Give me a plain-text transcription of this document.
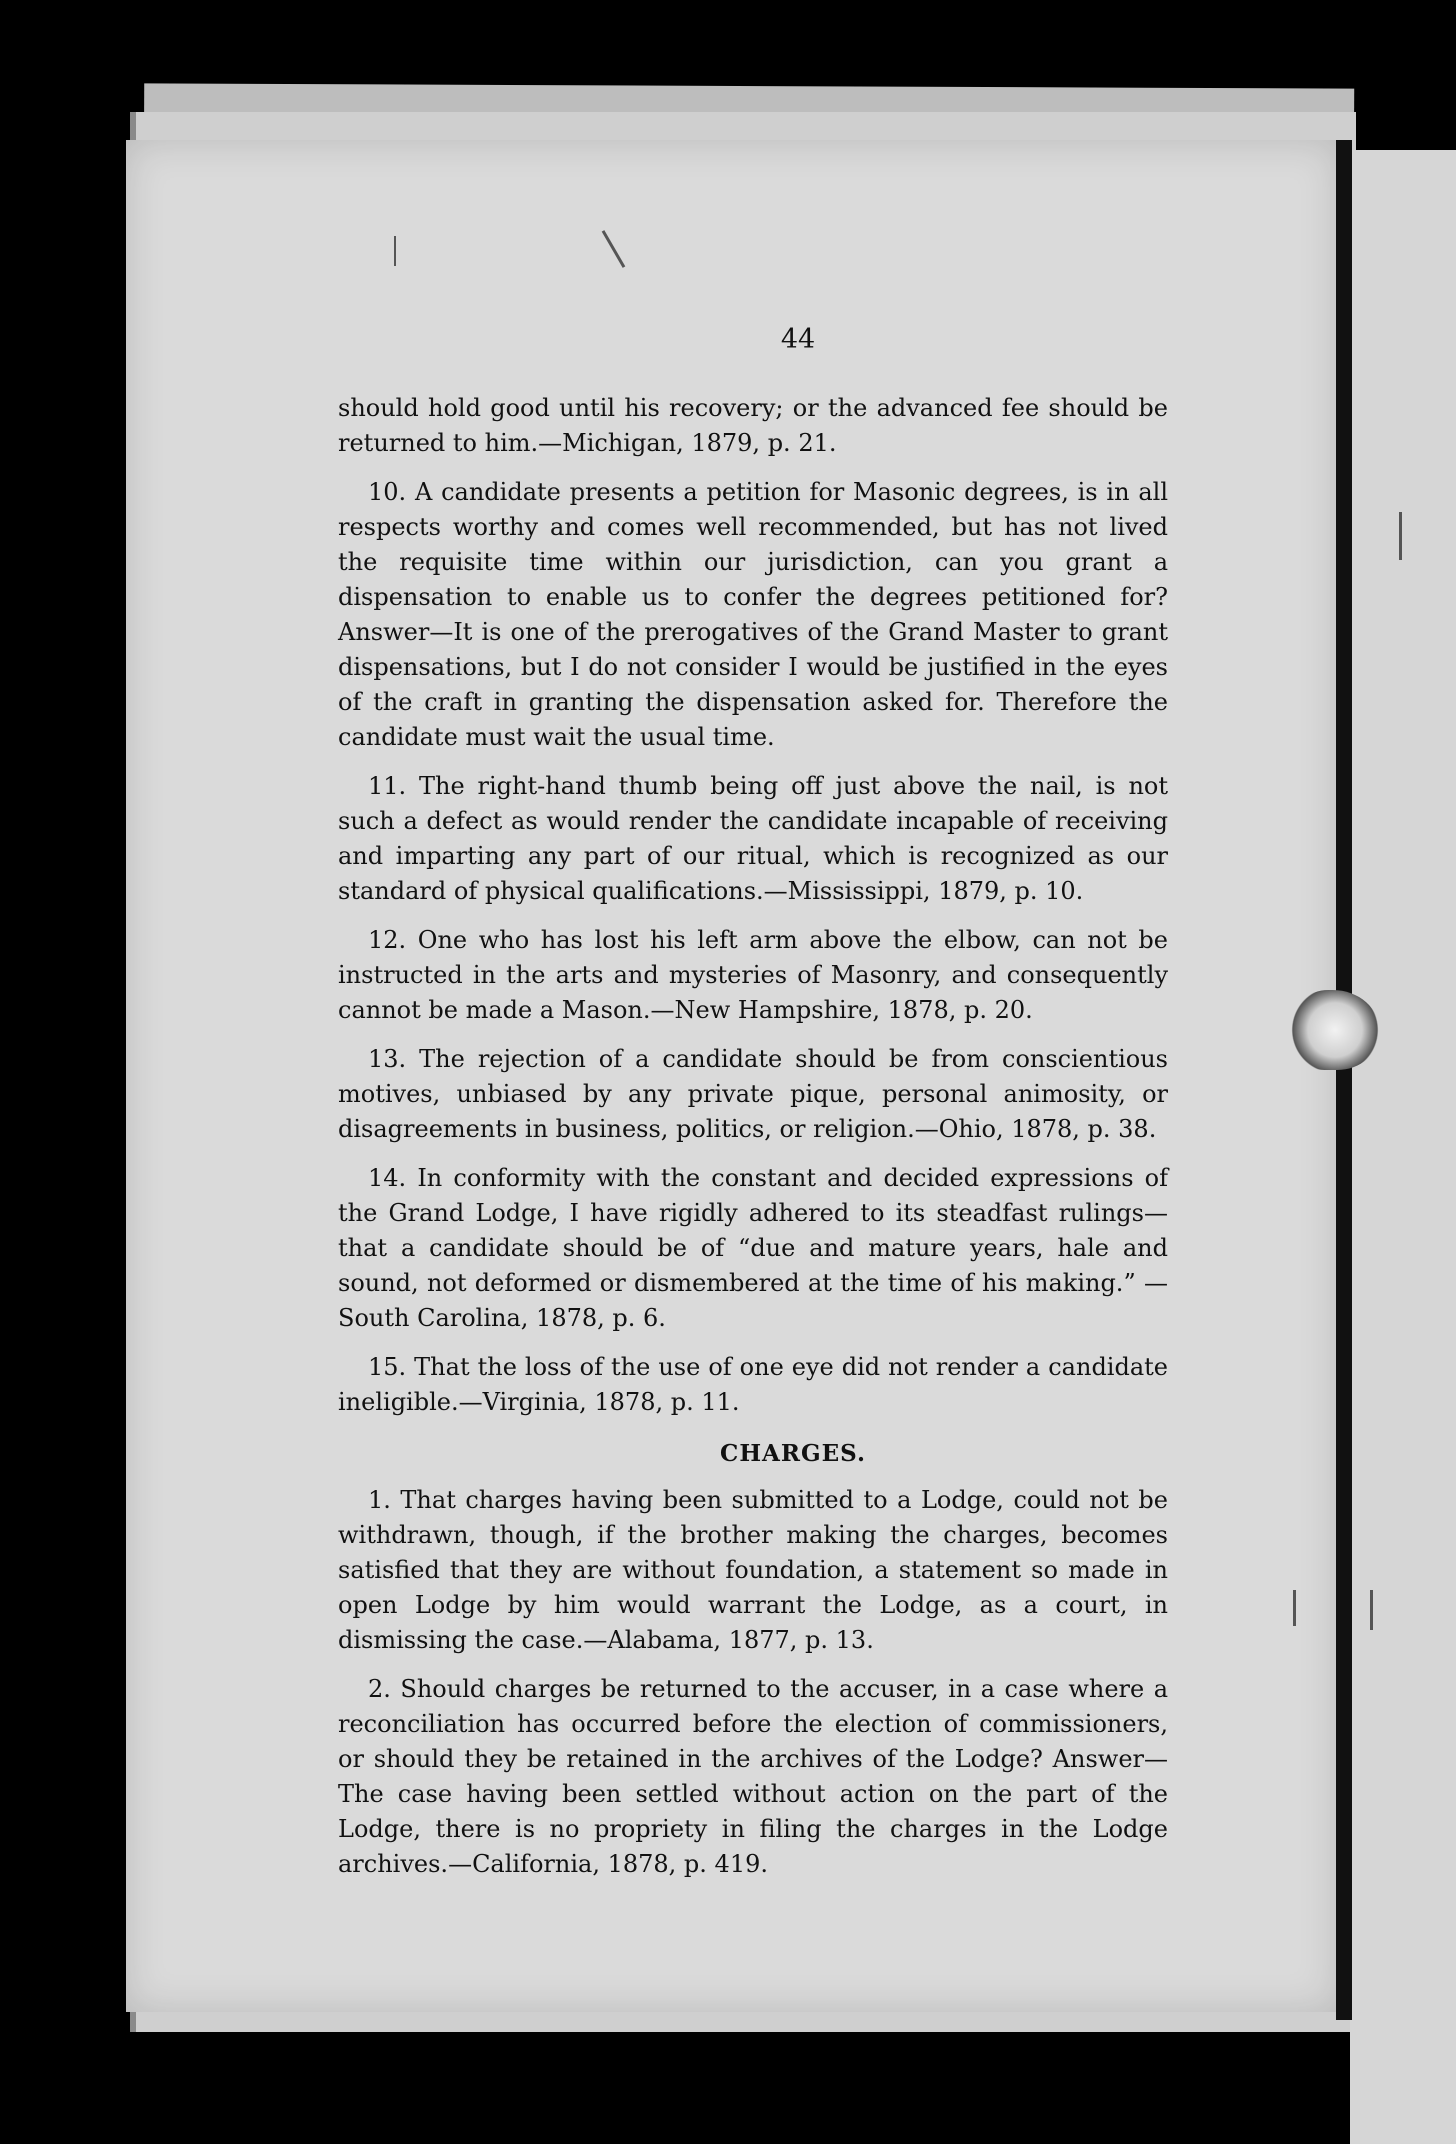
44

should hold good until his recovery; or the advanced fee should be returned to him.—Michigan, 1879, p. 21.

10. A candidate presents a petition for Masonic degrees, is in all respects worthy and comes well recommended, but has not lived the requisite time within our jurisdiction, can you grant a dispensation to enable us to confer the degrees petitioned for? Answer—It is one of the prerogatives of the Grand Master to grant dispensations, but I do not consider I would be justified in the eyes of the craft in granting the dispensation asked for. Therefore the candidate must wait the usual time.

11. The right-hand thumb being off just above the nail, is not such a defect as would render the candidate incapable of receiving and imparting any part of our ritual, which is recognized as our standard of physical qualifications.—Mississippi, 1879, p. 10.

12. One who has lost his left arm above the elbow, can not be instructed in the arts and mysteries of Masonry, and consequently cannot be made a Mason.—New Hampshire, 1878, p. 20.

13. The rejection of a candidate should be from conscientious motives, unbiased by any private pique, personal animosity, or disagreements in business, politics, or religion.—Ohio, 1878, p. 38.

14. In conformity with the constant and decided expressions of the Grand Lodge, I have rigidly adhered to its steadfast rulings—that a candidate should be of “due and mature years, hale and sound, not deformed or dismembered at the time of his making.” —South Carolina, 1878, p. 6.

15. That the loss of the use of one eye did not render a candidate ineligible.—Virginia, 1878, p. 11.

CHARGES.

1. That charges having been submitted to a Lodge, could not be withdrawn, though, if the brother making the charges, becomes satisfied that they are without foundation, a statement so made in open Lodge by him would warrant the Lodge, as a court, in dismissing the case.—Alabama, 1877, p. 13.

2. Should charges be returned to the accuser, in a case where a reconciliation has occurred before the election of commissioners, or should they be retained in the archives of the Lodge? Answer—The case having been settled without action on the part of the Lodge, there is no propriety in filing the charges in the Lodge archives.—California, 1878, p. 419.
